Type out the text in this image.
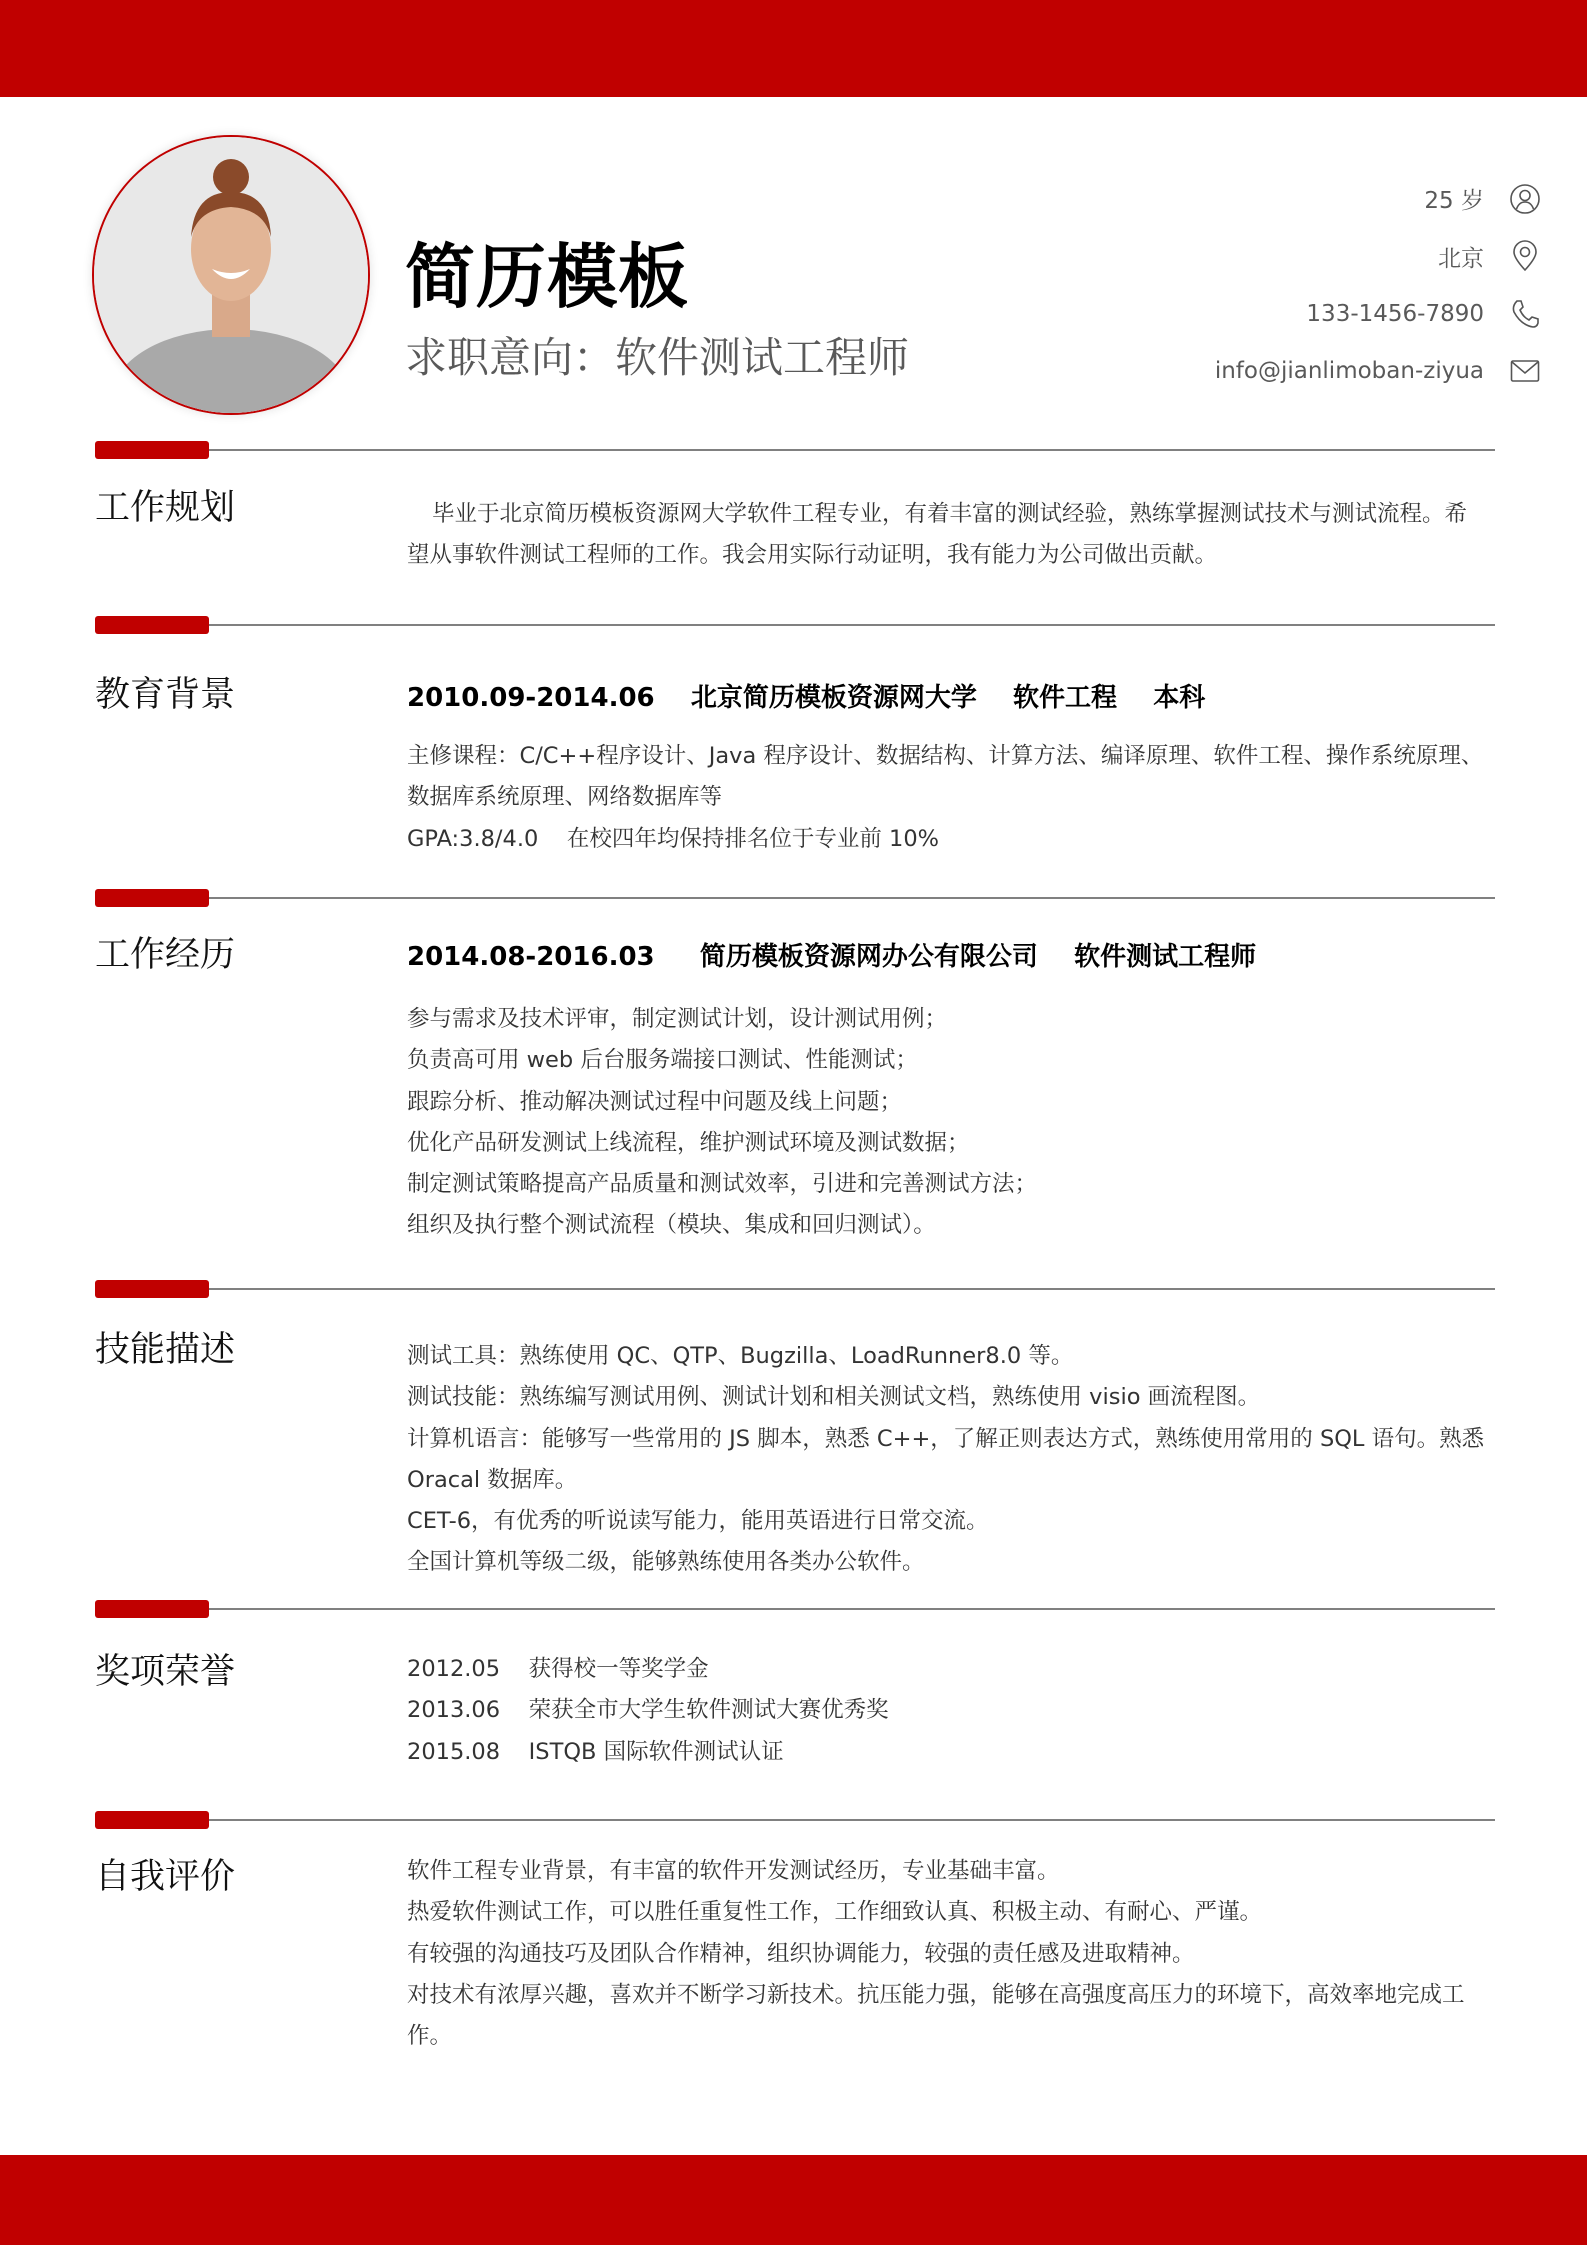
简历模板
求职意向：软件测试工程师
25 岁
北京
133-1456-7890
info@jianlimoban-ziyua
工作规划	毕业于北京简历模板资源网大学软件工程专业，有着丰富的测试经验，熟练掌握测试技术与测试流程。希望从事软件测试工程师的工作。我会用实际行动证明，我有能力为公司做出贡献。

教育背景	2010.09-2014.06    北京简历模板资源网大学    软件工程    本科

主修课程：C/C++程序设计、Java 程序设计、数据结构、计算方法、编译原理、软件工程、操作系统原理、数据库系统原理、网络数据库等

GPA:3.8/4.0    在校四年均保持排名位于专业前 10%

工作经历	2014.08-2016.03     简历模板资源网办公有限公司    软件测试工程师

参与需求及技术评审，制定测试计划，设计测试用例；

负责高可用 web 后台服务端接口测试、性能测试；

跟踪分析、推动解决测试过程中问题及线上问题；

优化产品研发测试上线流程，维护测试环境及测试数据；

制定测试策略提高产品质量和测试效率，引进和完善测试方法；

组织及执行整个测试流程（模块、集成和回归测试）。

技能描述	测试工具：熟练使用 QC、QTP、Bugzilla、LoadRunner8.0 等。

测试技能：熟练编写测试用例、测试计划和相关测试文档，熟练使用 visio 画流程图。

计算机语言：能够写一些常用的 JS 脚本，熟悉 C++，了解正则表达方式，熟练使用常用的 SQL 语句。熟悉 Oracal 数据库。

CET-6，有优秀的听说读写能力，能用英语进行日常交流。

全国计算机等级二级，能够熟练使用各类办公软件。

奖项荣誉	2012.05    获得校一等奖学金

2013.06    荣获全市大学生软件测试大赛优秀奖

2015.08    ISTQB 国际软件测试认证

自我评价	软件工程专业背景，有丰富的软件开发测试经历，专业基础丰富。

热爱软件测试工作，可以胜任重复性工作，工作细致认真、积极主动、有耐心、严谨。

有较强的沟通技巧及团队合作精神，组织协调能力，较强的责任感及进取精神。

对技术有浓厚兴趣，喜欢并不断学习新技术。抗压能力强，能够在高强度高压力的环境下，高效率地完成工作。
